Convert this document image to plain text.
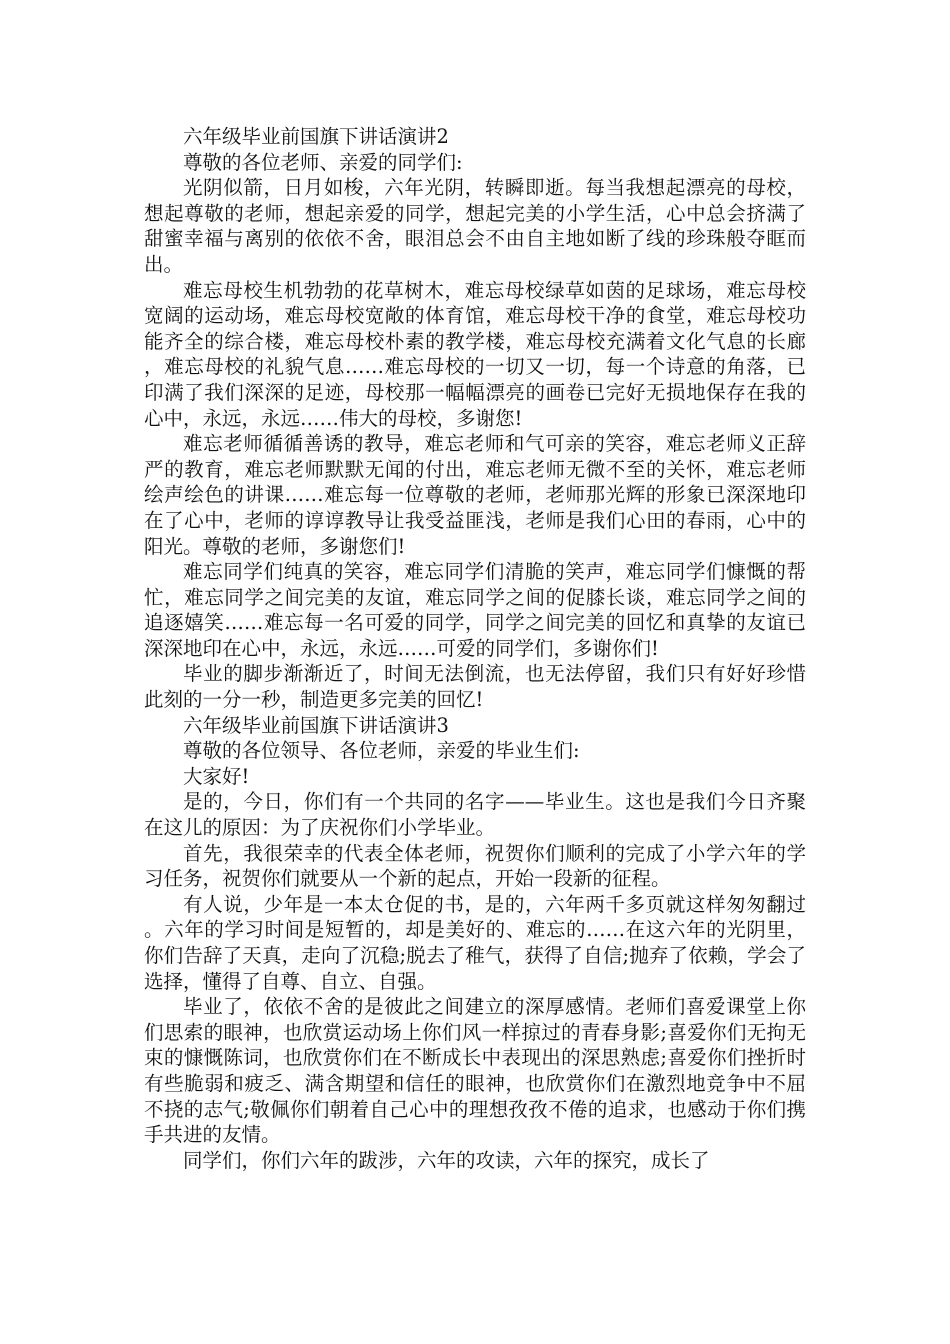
六年级毕业前国旗下讲话演讲2

尊敬的各位老师、亲爱的同学们:

光阴似箭，日月如梭，六年光阴，转瞬即逝。每当我想起漂亮的母校，想起尊敬的老师，想起亲爱的同学，想起完美的小学生活，心中总会挤满了甜蜜幸福与离别的依依不舍，眼泪总会不由自主地如断了线的珍珠般夺眶而出。

难忘母校生机勃勃的花草树木，难忘母校绿草如茵的足球场，难忘母校宽阔的运动场，难忘母校宽敞的体育馆，难忘母校干净的食堂，难忘母校功能齐全的综合楼，难忘母校朴素的教学楼，难忘母校充满着文化气息的长廊，难忘母校的礼貌气息……难忘母校的一切又一切，每一个诗意的角落，已印满了我们深深的足迹，母校那一幅幅漂亮的画卷已完好无损地保存在我的心中，永远，永远……伟大的母校，多谢您!

难忘老师循循善诱的教导，难忘老师和气可亲的笑容，难忘老师义正辞严的教育，难忘老师默默无闻的付出，难忘老师无微不至的关怀，难忘老师绘声绘色的讲课……难忘每一位尊敬的老师，老师那光辉的形象已深深地印在了心中，老师的谆谆教导让我受益匪浅，老师是我们心田的春雨，心中的阳光。尊敬的老师，多谢您们!

难忘同学们纯真的笑容，难忘同学们清脆的笑声，难忘同学们慷慨的帮忙，难忘同学之间完美的友谊，难忘同学之间的促膝长谈，难忘同学之间的追逐嬉笑……难忘每一名可爱的同学，同学之间完美的回忆和真挚的友谊已深深地印在心中，永远，永远……可爱的同学们，多谢你们!

毕业的脚步渐渐近了，时间无法倒流，也无法停留，我们只有好好珍惜此刻的一分一秒，制造更多完美的回忆!

六年级毕业前国旗下讲话演讲3

尊敬的各位领导、各位老师，亲爱的毕业生们:

大家好!

是的，今日，你们有一个共同的名字——毕业生。这也是我们今日齐聚在这儿的原因：为了庆祝你们小学毕业。

首先，我很荣幸的代表全体老师，祝贺你们顺利的完成了小学六年的学习任务，祝贺你们就要从一个新的起点，开始一段新的征程。

有人说，少年是一本太仓促的书，是的，六年两千多页就这样匆匆翻过。六年的学习时间是短暂的，却是美好的、难忘的……在这六年的光阴里，你们告辞了天真，走向了沉稳;脱去了稚气，获得了自信;抛弃了依赖，学会了选择，懂得了自尊、自立、自强。

毕业了，依依不舍的是彼此之间建立的深厚感情。老师们喜爱课堂上你们思索的眼神，也欣赏运动场上你们风一样掠过的青春身影;喜爱你们无拘无束的慷慨陈词，也欣赏你们在不断成长中表现出的深思熟虑;喜爱你们挫折时有些脆弱和疲乏、满含期望和信任的眼神，也欣赏你们在激烈地竞争中不屈不挠的志气;敬佩你们朝着自己心中的理想孜孜不倦的追求，也感动于你们携手共进的友情。

同学们，你们六年的跋涉，六年的攻读，六年的探究，成长了
